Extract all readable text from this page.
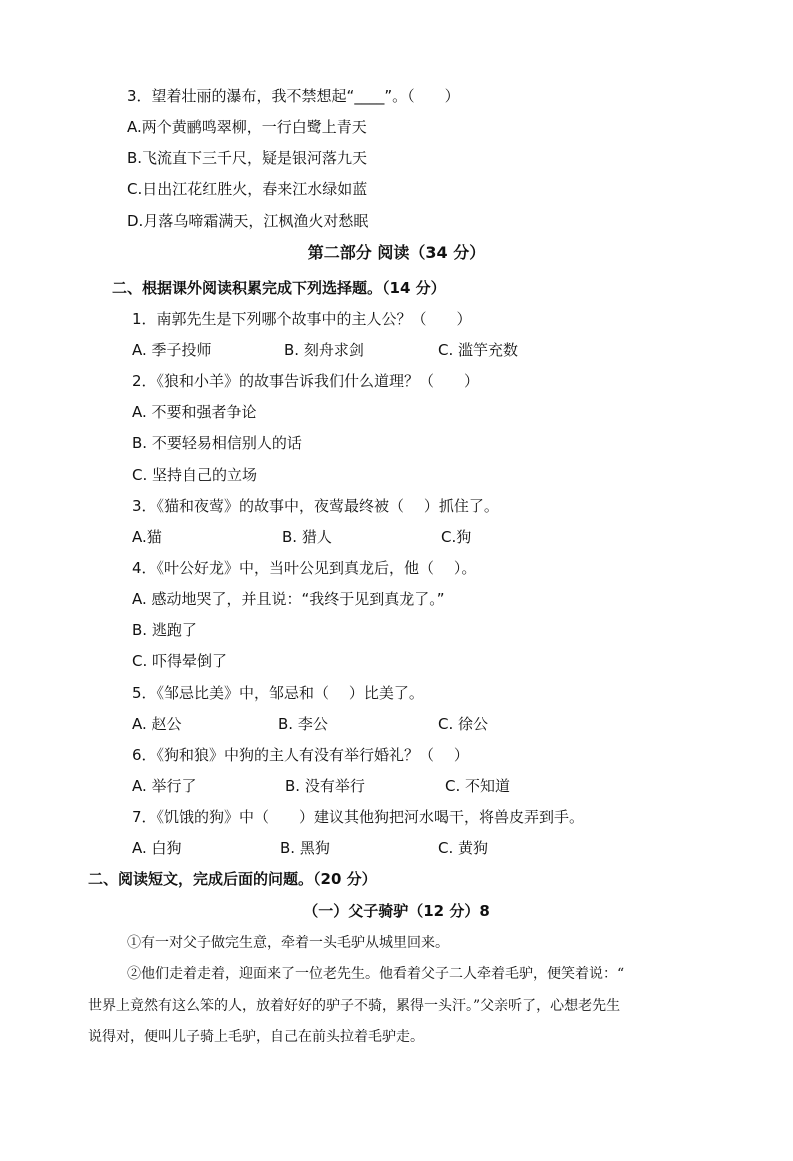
3．望着壮丽的瀑布，我不禁想起“____”。（　　）
A.两个黄鹂鸣翠柳，一行白鹭上青天
B.飞流直下三千尺，疑是银河落九天
C.日出江花红胜火，春来江水绿如蓝
D.月落乌啼霜满天，江枫渔火对愁眠
第二部分 阅读（34 分）
二、根据课外阅读积累完成下列选择题。（14 分）
1．南郭先生是下列哪个故事中的主人公？（　　）
A. 季子投师	B. 刻舟求剑	C. 滥竽充数
2．《狼和小羊》的故事告诉我们什么道理？（　　）
A. 不要和强者争论
B. 不要轻易相信别人的话
C. 坚持自己的立场
3．《猫和夜莺》的故事中，夜莺最终被（　 ）抓住了。
A.猫	B. 猎人	C.狗
4．《叶公好龙》中，当叶公见到真龙后，他（　 ）。
A. 感动地哭了，并且说：“我终于见到真龙了。”
B. 逃跑了
C. 吓得晕倒了
5．《邹忌比美》中，邹忌和（　 ）比美了。
A. 赵公	B. 李公	C. 徐公
6．《狗和狼》中狗的主人有没有举行婚礼？（　 ）
A. 举行了	B. 没有举行	C. 不知道
7．《饥饿的狗》中（　　）建议其他狗把河水喝干，将兽皮弄到手。
A. 白狗	B. 黑狗	C. 黄狗
二、阅读短文，完成后面的问题。（20 分）
（一）父子骑驴（12 分）8
①有一对父子做完生意，牵着一头毛驴从城里回来。
②他们走着走着，迎面来了一位老先生。他看着父子二人牵着毛驴，便笑着说：“
世界上竟然有这么笨的人，放着好好的驴子不骑，累得一头汗。”父亲听了，心想老先生
说得对，便叫儿子骑上毛驴，自己在前头拉着毛驴走。
